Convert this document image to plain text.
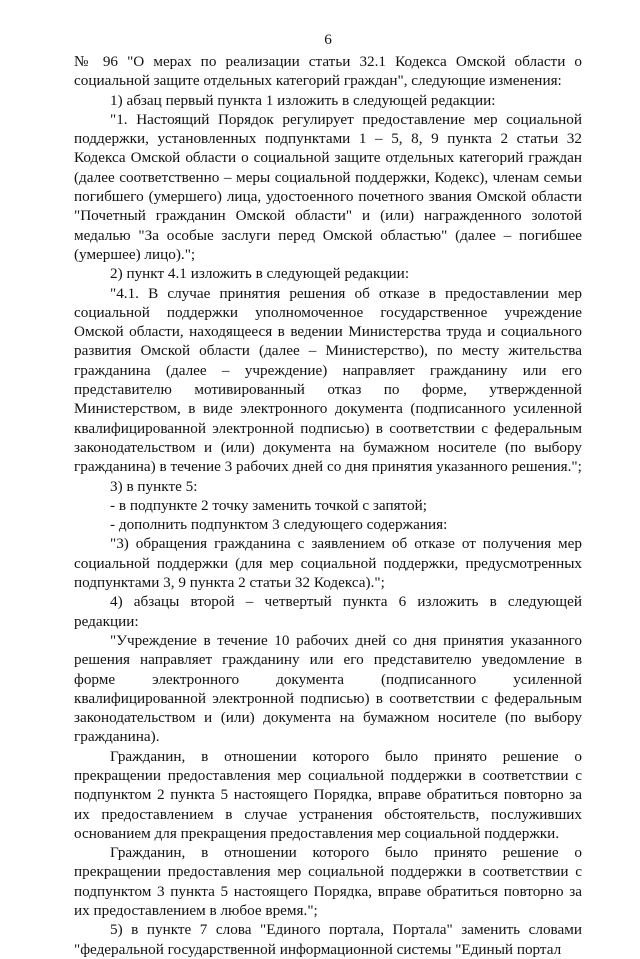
6

№ 96 "О мерах по реализации статьи 32.1 Кодекса Омской области о социальной защите отдельных категорий граждан", следующие изменения:

1) абзац первый пункта 1 изложить в следующей редакции:

"1. Настоящий Порядок регулирует предоставление мер социальной поддержки, установленных подпунктами 1 – 5, 8, 9 пункта 2 статьи 32 Кодекса Омской области о социальной защите отдельных категорий граждан (далее соответственно – меры социальной поддержки, Кодекс), членам семьи погибшего (умершего) лица, удостоенного почетного звания Омской области "Почетный гражданин Омской области" и (или) награжденного золотой медалью "За особые заслуги перед Омской областью" (далее – погибшее (умершее) лицо).";

2) пункт 4.1 изложить в следующей редакции:

"4.1. В случае принятия решения об отказе в предоставлении мер социальной поддержки уполномоченное государственное учреждение Омской области, находящееся в ведении Министерства труда и социального развития Омской области (далее – Министерство), по месту жительства гражданина (далее – учреждение) направляет гражданину или его представителю мотивированный отказ по форме, утвержденной Министерством, в виде электронного документа (подписанного усиленной квалифицированной электронной подписью) в соответствии с федеральным законодательством и (или) документа на бумажном носителе (по выбору гражданина) в течение 3 рабочих дней со дня принятия указанного решения.";

3) в пункте 5:

- в подпункте 2 точку заменить точкой с запятой;

- дополнить подпунктом 3 следующего содержания:

"3) обращения гражданина с заявлением об отказе от получения мер социальной поддержки (для мер социальной поддержки, предусмотренных подпунктами 3, 9 пункта 2 статьи 32 Кодекса).";

4) абзацы второй – четвертый пункта 6 изложить в следующей редакции:

"Учреждение в течение 10 рабочих дней со дня принятия указанного решения направляет гражданину или его представителю уведомление в форме электронного документа (подписанного усиленной квалифицированной электронной подписью) в соответствии с федеральным законодательством и (или) документа на бумажном носителе (по выбору гражданина).

Гражданин, в отношении которого было принято решение о прекращении предоставления мер социальной поддержки в соответствии с подпунктом 2 пункта 5 настоящего Порядка, вправе обратиться повторно за их предоставлением в случае устранения обстоятельств, послуживших основанием для прекращения предоставления мер социальной поддержки.

Гражданин, в отношении которого было принято решение о прекращении предоставления мер социальной поддержки в соответствии с подпунктом 3 пункта 5 настоящего Порядка, вправе обратиться повторно за их предоставлением в любое время.";

5) в пункте 7 слова "Единого портала, Портала" заменить словами "федеральной государственной информационной системы "Единый портал
